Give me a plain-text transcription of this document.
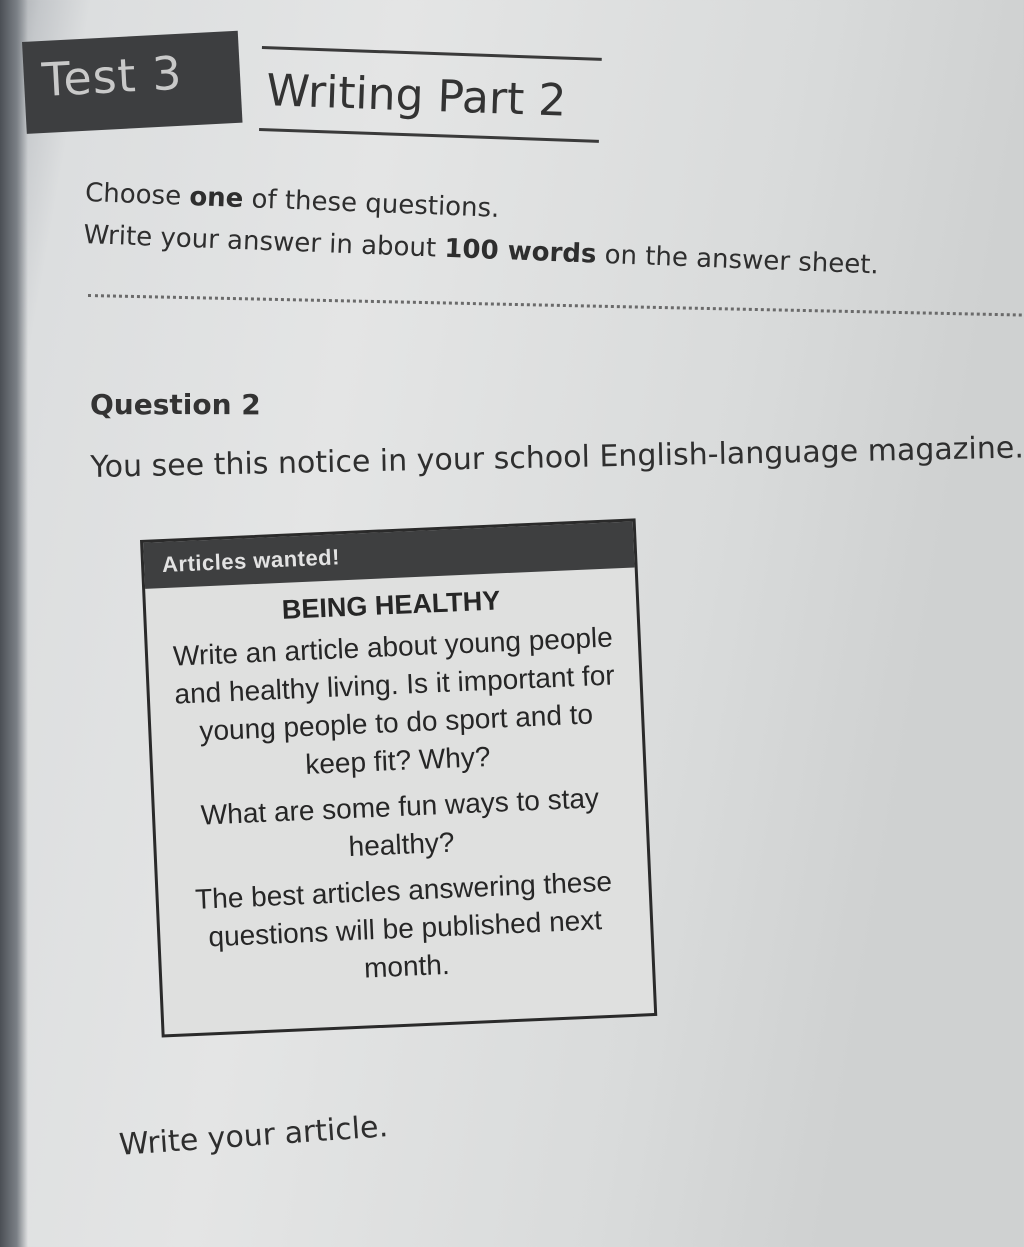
Test 3 Writing Part 2
Choose one of these questions.
Write your answer in about 100 words on the answer sheet.
Question 2
You see this notice in your school English-language magazine.
Articles wanted!
BEING HEALTHY

Write an article about young people and healthy living. Is it important for young people to do sport and to keep fit? Why?

What are some fun ways to stay healthy?

The best articles answering these questions will be published next month.

Write your article.
